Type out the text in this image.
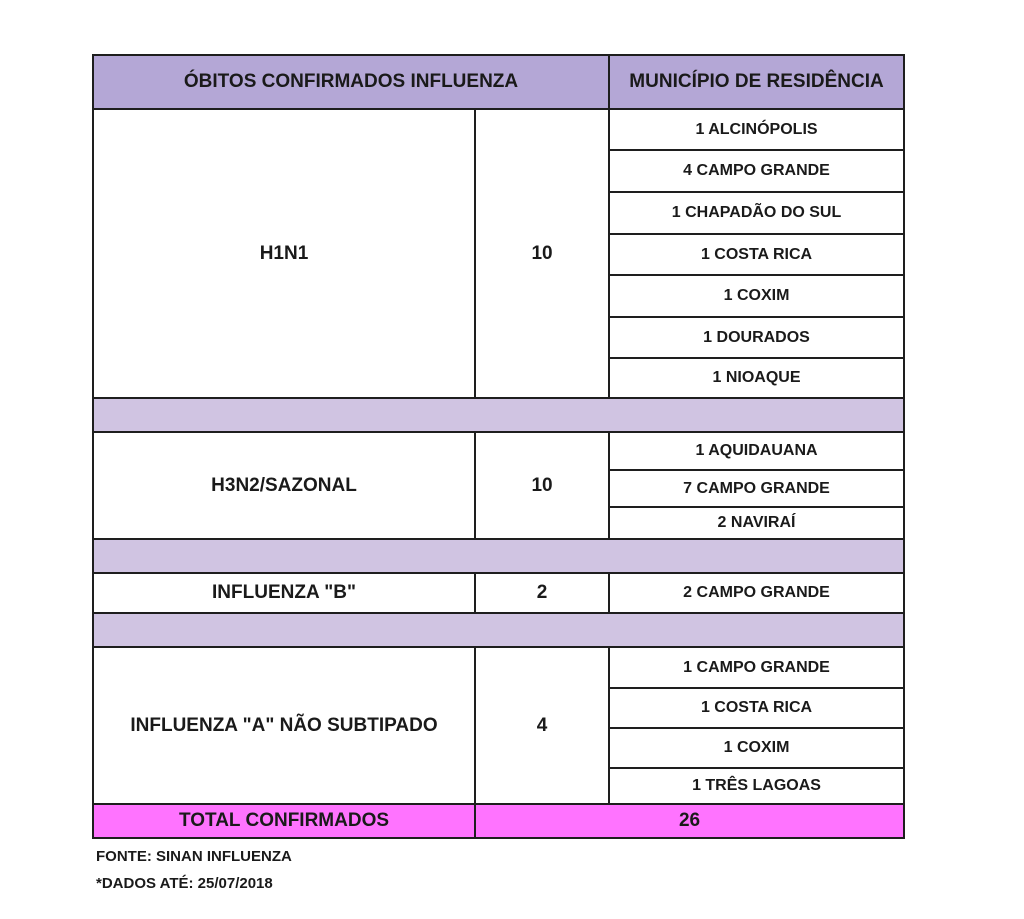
ÓBITOS CONFIRMADOS INFLUENZA		MUNICÍPIO DE RESIDÊNCIA
H1N1	10	1 ALCINÓPOLIS
		4 CAMPO GRANDE
		1 CHAPADÃO DO SUL
		1 COSTA RICA
		1 COXIM
		1 DOURADOS
		1 NIOAQUE

H3N2/SAZONAL	10	1 AQUIDAUANA
		7 CAMPO GRANDE
		2 NAVIRAÍ

INFLUENZA "B"	2	2 CAMPO GRANDE

INFLUENZA "A" NÃO SUBTIPADO	4	1 CAMPO GRANDE
		1 COSTA RICA
		1 COXIM
		1 TRÊS LAGOAS
TOTAL CONFIRMADOS	26	
FONTE: SINAN INFLUENZA
*DADOS ATÉ: 25/07/2018
